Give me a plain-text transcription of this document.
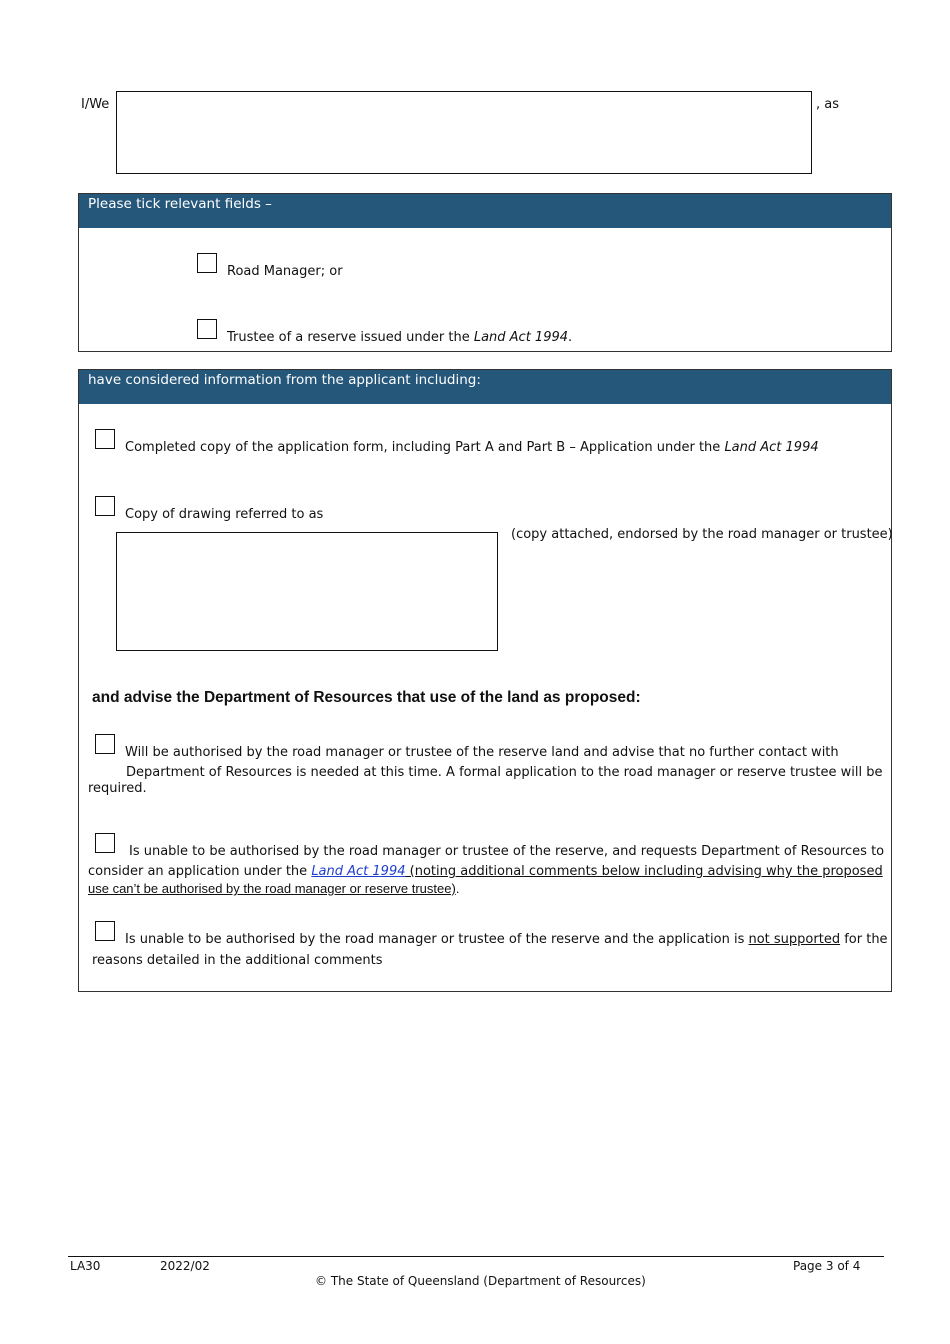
I/We	, as
Please tick relevant fields –
Road Manager; or
Trustee of a reserve issued under the Land Act 1994.
have considered information from the applicant including:
Completed copy of the application form, including Part A and Part B – Application under the Land Act 1994
Copy of drawing referred to as
(copy attached, endorsed by the road manager or trustee)
and advise the Department of Resources that use of the land as proposed:
Will be authorised by the road manager or trustee of the reserve land and advise that no further contact with
Department of Resources is needed at this time. A formal application to the road manager or reserve trustee will be
required.
Is unable to be authorised by the road manager or trustee of the reserve, and requests Department of Resources to
consider an application under the Land Act 1994 (noting additional comments below including advising why the proposed
use can’t be authorised by the road manager or reserve trustee).
Is unable to be authorised by the road manager or trustee of the reserve and the application is not supported for the
reasons detailed in the additional comments
LA30	2022/02	Page 3 of 4
© The State of Queensland (Department of Resources)
